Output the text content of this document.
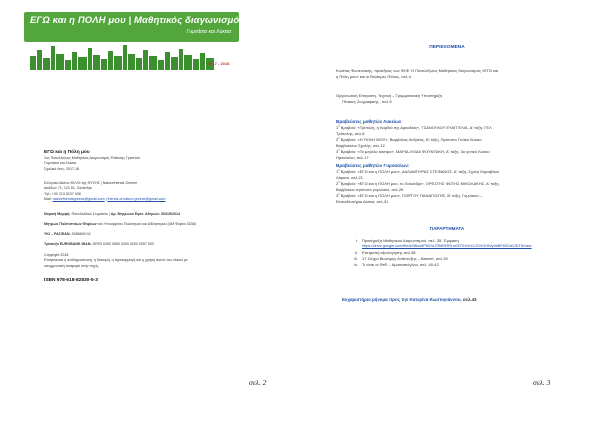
ΕΓΩ και η ΠΟΛΗ μου | Μαθητικός διαγωνισμός
Γυμνάσια και Λύκεια
2017 - 2018
ΕΓΩ και η Πόλη μου
1ος Πανελλήνιος Μαθητικός Διαγωνισμός Έκθεσης Γραπτού
Γυμνάσια και Λύκεια
Σχολικό έτος: 2017-18
Ελληνικό Δίκτυο ΦΙΛΟΙ της ΦΥΣΗΣ | Naturefriends Greece
Ακάδων 71, 121 61, Χαλάνδρι
Τηλ: +30 213 5237 408
Mail: naturefriendsgreece@gmail.com | friends.of.nature.greece@gmail.com
Νομική Μορφή: Πανελλαδικό Σωματείο | Αρ. Μητρώου Εφετ. Αθηνών: 30415/2014
Μητρώο Πολιτιστικών Φορέων του Υπουργείου Πολιτισμού και Αθλητισμού (ΑΜ Φορέα 3338)
ΥΚΙ – ΡΑΣ/ΕΑΝ: 9286849 02
Τράπεζα EUROBANK IBAN: GR93 0260 0560 0000 0200 0057 003
Copyright 2018
Επιτρέπεται η αναδημοσίευση, η διανομή, η προσαρμογή και η χρήση αυτού του υλικού με
υποχρεωτική αναφορά στην πηγή.
ISBN 978-618-82830-5-3
σελ. 2
ΠΕΡΙΕΧΟΜΕΝΑ
Κώστας Φωτεινάκης, πρόεδρος των ΦτΦ: Ο Πανελλήνιος Μαθητικός διαγωνισμός «ΕΓΩ και
η Πόλη μου» και οι Βιώσιμες Πόλεις, σελ.4
Οργανωτική Επιτροπή, Τεχνική – Γραμματειακή Υποστήριξη
Πίνακες Ζωγραφικής , σελ.5
Βραβεύσεις μαθητών Λυκείων
$1^o$ Βραβείο: «Τρίπολη, η Καρδιά της Αρκαδίας», ΤΣΑΝΟΥΛΟΥ ΕΥΑΓΓΕΛΙΑ, Α' τάξη, ΓΕΛ
Τρίπολης, σελ.8
$2^o$ Βραβείο: «Η ΠΟΛΗ ΜΟΥ», Βαμβάλας Ανδρέας, Β' τάξη, Πρότυπο Γενικό Λύκειο
Βαρβακείου Σχολής, σελ.12
$3^o$ Βραβείο: «Το μεγάλο κάστρο», ΜΑΡΙΑ-ΛΥΔΙΑ ΦΟΥΝΤΑΚΗ, Α' τάξη, 3ο γενικό Λύκειο
Ηρακλείου, σελ.17
Βραβεύσεις μαθητών Γυμνασίων:
$1^o$ Βραβείο: «ΕΓΩ και η ΠΟΛΗ μου», ΔΑΛΑΜΠΥΡΑΣ ΣΤΕΦΑΝΟΣ, Α' τάξη, Σχολή Καραβάνα
Λάρισα, σελ.21
$2^o$ Βραβείο: «ΕΓΩ και η ΠΟΛΗ μου, το Χαλάνδρι», ΟΡΕΣΤΗΣ ΦΩΤΗΣ ΜΙΚΟΛΑΚΗΣ, Α' τάξη,
Βαρβάκειο πρότυπο γυμνάσιο, σελ.26
$3^o$ Βραβείο: «ΕΓΩ και η ΠΟΛΗ μου», ΓΙΩΡΓΟΥ ΠΑΝΑΓΙΩΤΗΣ, Β' τάξη, Γυμνάσιο –
Εκπαιδευτήρια Δούκα, σελ.31
ΠΑΡΑΡΤΗΜΑΤΑ
i. Προκήρυξη Μαθητικού Διαγωνισμού, σελ. 35- Έμφαση
https://drive.google.com/file/d/0Bzo6PMOuJTfMl0RRLm2RTHxXX1JOVGHWy0#BF8VDdVIDT8/view
ii. Επιτροπή αξιολόγησης σελ.38
iii. 17 Στόχοι Βιώσιμης Ανάπτυξης – Banner, σελ.39
iv. Τι είναι οι ΦτΦ – Αμυπασιόγλου, σελ. 40-42
Ευχαριστήριο μήνυμα προς την Κατερίνα Κωστογιάννου, σελ.43
σελ. 3
